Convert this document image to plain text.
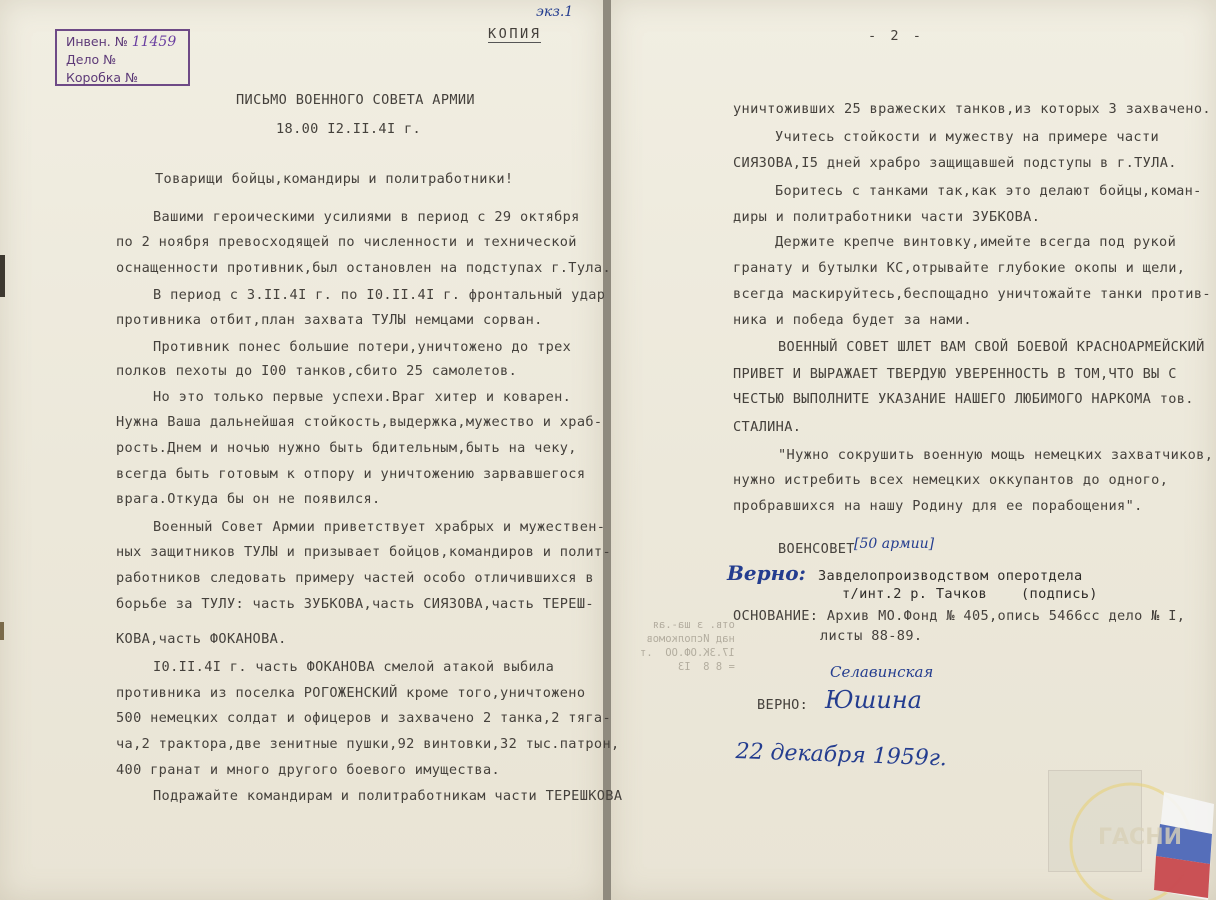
Инвен. № 11459
Дело №
Коробка №
экз.1
КОПИЯ
ПИСЬМО ВОЕННОГО СОВЕТА АРМИИ
18.00 I2.II.4I г.
Товарищи бойцы,командиры и политработники!
Вашими героическими усилиями в период с 29 октября
по 2 ноября превосходящей по численности и технической
оснащенности противник,был остановлен на подступах г.Тула.
В период с 3.II.4I г. по I0.II.4I г. фронтальный удар
противника отбит,план захвата ТУЛЫ немцами сорван.
Противник понес большие потери,уничтожено до трех
полков пехоты до I00 танков,сбито 25 самолетов.
Но это только первые успехи.Враг хитер и коварен.
Нужна Ваша дальнейшая стойкость,выдержка,мужество и храб-
рость.Днем и ночью нужно быть бдительным,быть на чеку,
всегда быть готовым к отпору и уничтожению зарвавшегося
врага.Откуда бы он не появился.
Военный Совет Армии приветствует храбрых и мужествен-
ных защитников ТУЛЫ и призывает бойцов,командиров и полит-
работников следовать примеру частей особо отличившихся в
борьбе за ТУЛУ: часть ЗУБКОВА,часть СИЯЗОВА,часть ТЕРЕШ-
КОВА,часть ФОКАНОВА.
I0.II.4I г. часть ФОКАНОВА смелой атакой выбила
противника из поселка РОГОЖЕНСКИЙ кроме того,уничтожено
500 немецких солдат и офицеров и захвачено 2 танка,2 тяга-
ча,2 трактора,две зенитные пушки,92 винтовки,32 тыс.патрон,
400 гранат и много другого боевого имущества.
Подражайте командирам и политработникам части ТЕРЕШКОВА
отв. з ша-.ая
над Исполкомов
17.ЗК.ОФ.ОО  .т
= 8 8  I3
- 2 -
уничтоживших 25 вражеских танков,из которых 3 захвачено.
Учитесь стойкости и мужеству на примере части
СИЯЗОВА,I5 дней храбро защищавшей подступы в г.ТУЛА.
Боритесь с танками так,как это делают бойцы,коман-
диры и политработники части ЗУБКОВА.
Держите крепче винтовку,имейте всегда под рукой
гранату и бутылки КС,отрывайте глубокие окопы и щели,
всегда маскируйтесь,беспощадно уничтожайте танки против-
ника и победа будет за нами.
ВОЕННЫЙ СОВЕТ ШЛЕТ ВАМ СВОЙ БОЕВОЙ КРАСНОАРМЕЙСКИЙ
ПРИВЕТ И ВЫРАЖАЕТ ТВЕРДУЮ УВЕРЕННОСТЬ В ТОМ,ЧТО ВЫ С
ЧЕСТЬЮ ВЫПОЛНИТЕ УКАЗАНИЕ НАШЕГО ЛЮБИМОГО НАРКОМА тов.
СТАЛИНА.
"Нужно сокрушить военную мощь немецких захватчиков,
нужно истребить всех немецких оккупантов до одного,
пробравшихся на нашу Родину для ее порабощения".
ВОЕНСОВЕТ [50 армии]
Верно: Завделопроизводством оперотдела
т/инт.2 р. Тачков (подпись)
ОСНОВАНИЕ: Архив МО.Фонд № 405,опись 5466сс дело № I,
листы 88-89.
Селавинская
ВЕРНО: Юшина
22 декабря 1959г.
ГАСНИ
